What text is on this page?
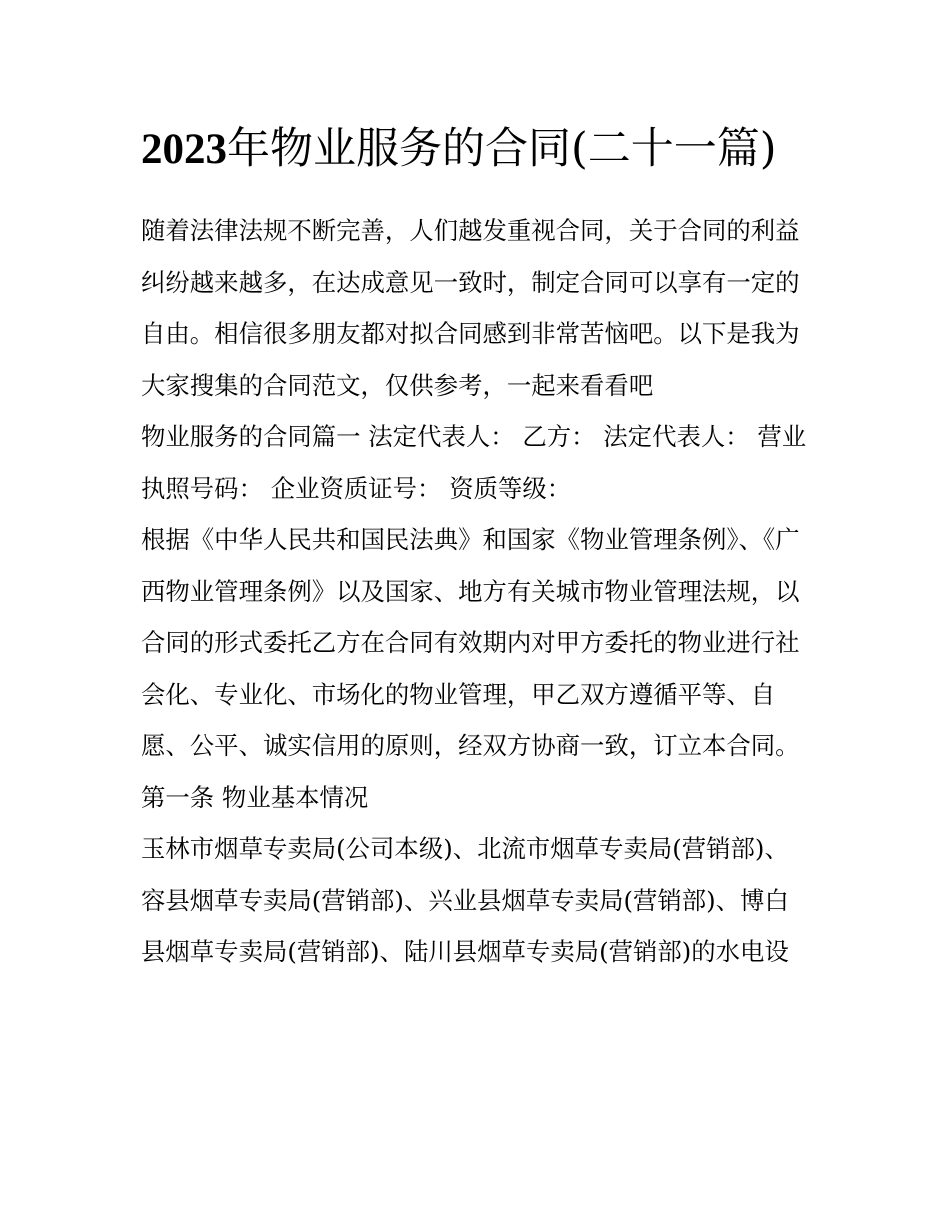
2023年物业服务的合同(二十一篇)

随着法律法规不断完善，人们越发重视合同，关于合同的利益纠纷越来越多，在达成意见一致时，制定合同可以享有一定的自由。相信很多朋友都对拟合同感到非常苦恼吧。以下是我为大家搜集的合同范文，仅供参考，一起来看看吧

物业服务的合同篇一 法定代表人： 乙方： 法定代表人： 营业执照号码： 企业资质证号： 资质等级：

根据《中华人民共和国民法典》和国家《物业管理条例》、《广西物业管理条例》以及国家、地方有关城市物业管理法规，以合同的形式委托乙方在合同有效期内对甲方委托的物业进行社会化、专业化、市场化的物业管理，甲乙双方遵循平等、自愿、公平、诚实信用的原则，经双方协商一致，订立本合同。

第一条 物业基本情况

玉林市烟草专卖局(公司本级)、北流市烟草专卖局(营销部)、容县烟草专卖局(营销部)、兴业县烟草专卖局(营销部)、博白县烟草专卖局(营销部)、陆川县烟草专卖局(营销部)的水电设
